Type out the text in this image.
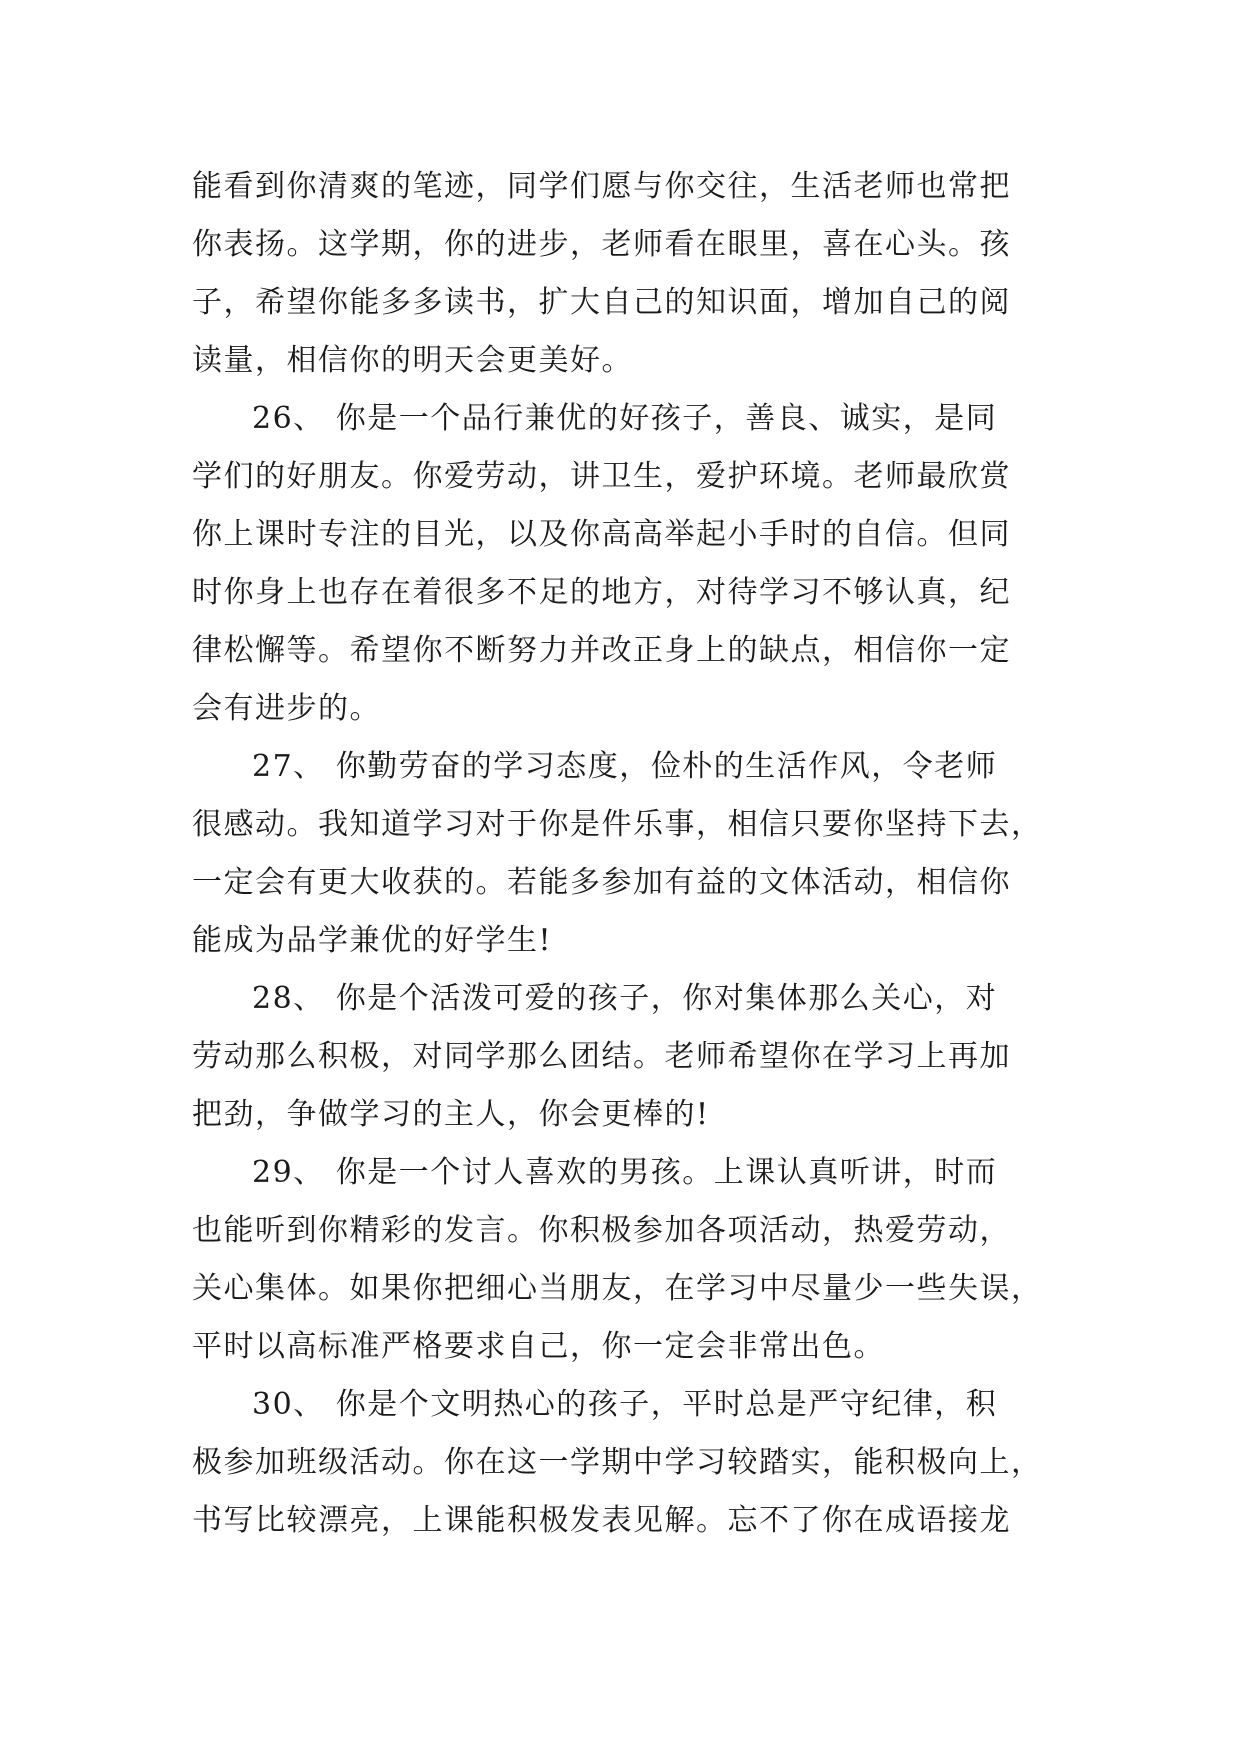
能看到你清爽的笔迹，同学们愿与你交往，生活老师也常把
你表扬。这学期，你的进步，老师看在眼里，喜在心头。孩
子，希望你能多多读书，扩大自己的知识面，增加自己的阅
读量，相信你的明天会更美好。
26、 你是一个品行兼优的好孩子，善良、诚实，是同
学们的好朋友。你爱劳动，讲卫生，爱护环境。老师最欣赏
你上课时专注的目光，以及你高高举起小手时的自信。但同
时你身上也存在着很多不足的地方，对待学习不够认真，纪
律松懈等。希望你不断努力并改正身上的缺点，相信你一定
会有进步的。
27、 你勤劳奋的学习态度，俭朴的生活作风，令老师
很感动。我知道学习对于你是件乐事，相信只要你坚持下去，
一定会有更大收获的。若能多参加有益的文体活动，相信你
能成为品学兼优的好学生!
28、 你是个活泼可爱的孩子，你对集体那么关心，对
劳动那么积极，对同学那么团结。老师希望你在学习上再加
把劲，争做学习的主人，你会更棒的!
29、 你是一个讨人喜欢的男孩。上课认真听讲，时而
也能听到你精彩的发言。你积极参加各项活动，热爱劳动，
关心集体。如果你把细心当朋友，在学习中尽量少一些失误，
平时以高标准严格要求自己，你一定会非常出色。
30、 你是个文明热心的孩子，平时总是严守纪律，积
极参加班级活动。你在这一学期中学习较踏实，能积极向上，
书写比较漂亮，上课能积极发表见解。忘不了你在成语接龙
